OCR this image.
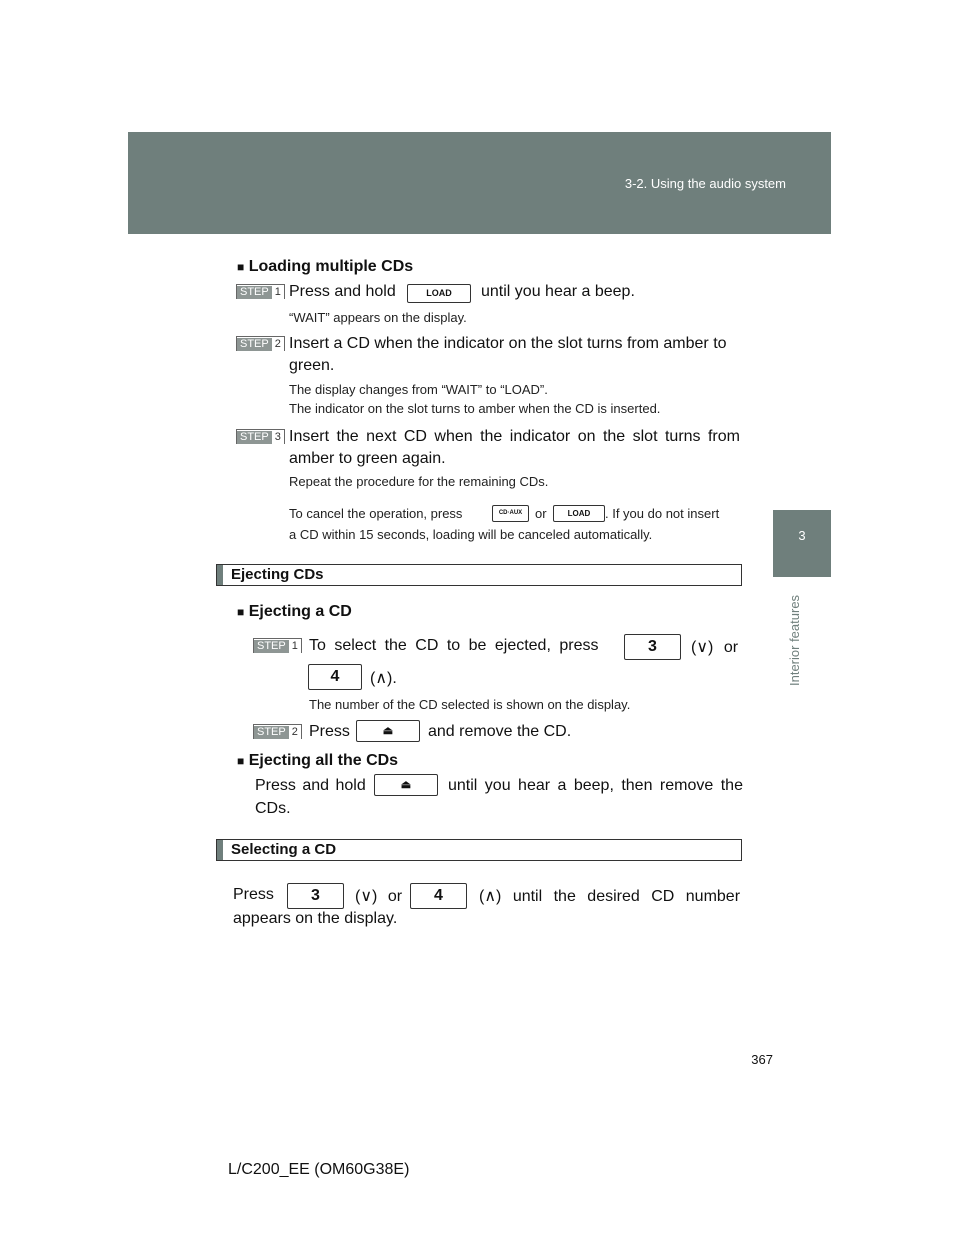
3-2. Using the audio system
3
Interior features
■ Loading multiple CDs
STEP 1 Press and hold	LOAD	until you hear a beep.
“WAIT” appears on the display.
STEP 2 Insert a CD when the indicator on the slot turns from amber to
green.
The display changes from “WAIT” to “LOAD”.
The indicator on the slot turns to amber when the CD is inserted.
STEP 3 Insert the next CD when the indicator on the slot turns from
amber to green again.
Repeat the procedure for the remaining CDs.
To cancel the operation, press	CD·AUX or	LOAD	. If you do not insert
a CD within 15 seconds, loading will be canceled automatically.
Ejecting CDs
■ Ejecting a CD
STEP 1 To select the CD to be ejected, press	3	(∨) or
4	(∧).
The number of the CD selected is shown on the display.
STEP 2 Press	⏏	and remove the CD.
■ Ejecting all the CDs
Press and hold	⏏	until you hear a beep, then remove the
CDs.
Selecting a CD
Press	3	(∨) or	4	(∧) until the desired CD number
appears on the display.
367
L/C200_EE (OM60G38E)
